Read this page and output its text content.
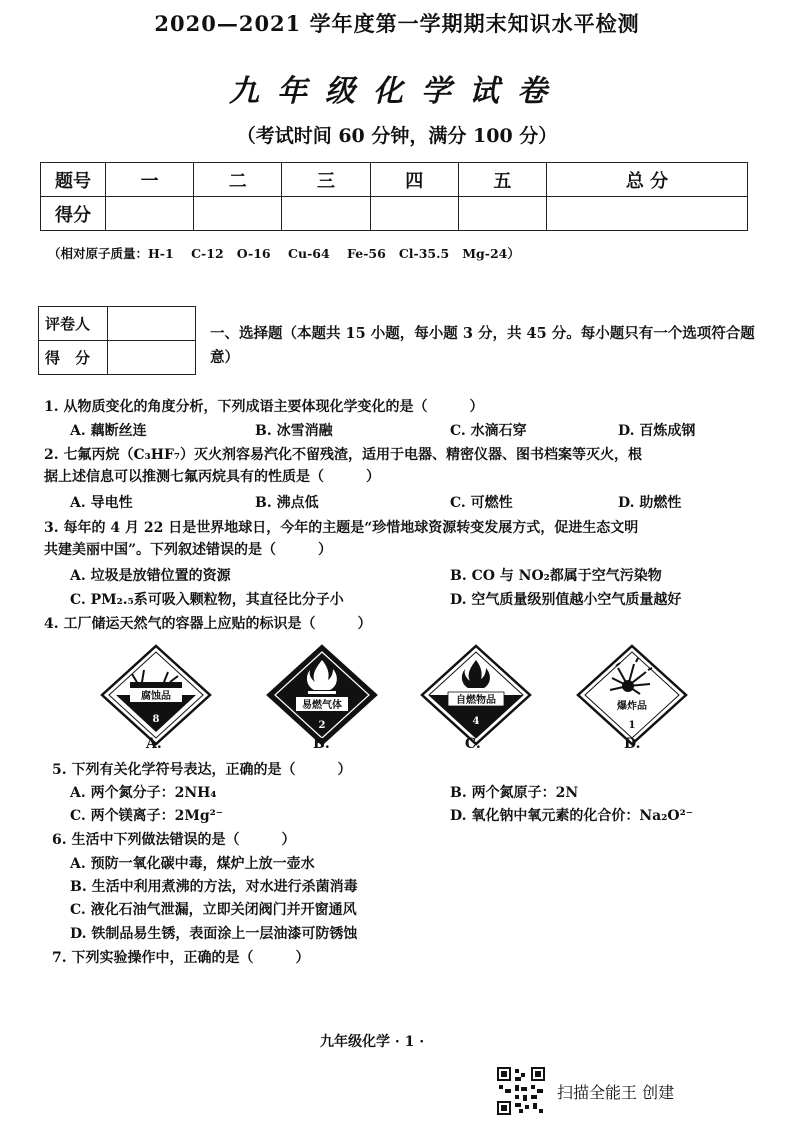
2020—2021 学年度第一学期期末知识水平检测
九年级化学试卷
（考试时间 60 分钟，满分 100 分）
题号	一	二	三	四	五	总 分
得分						
（相对原子质量：H-1    C-12   O-16    Cu-64    Fe-56   Cl-35.5   Mg-24）
评卷人	
得　分	
一、选择题（本题共 15 小题，每小题 3 分，共 45 分。每小题只有一个选项符合题意）
1. 从物质变化的角度分析，下列成语主要体现化学变化的是（　　　）
A. 藕断丝连	B. 冰雪消融	C. 水滴石穿	D. 百炼成钢
2. 七氟丙烷（C₃HF₇）灭火剂容易汽化不留残渣，适用于电器、精密仪器、图书档案等灭火，根
据上述信息可以推测七氟丙烷具有的性质是（　　　）
A. 导电性	B. 沸点低	C. 可燃性	D. 助燃性
3. 每年的 4 月 22 日是世界地球日，今年的主题是“珍惜地球资源转变发展方式，促进生态文明
共建美丽中国”。下列叙述错误的是（　　　）
A. 垃圾是放错位置的资源	B. CO 与 NO₂都属于空气污染物
C. PM₂.₅系可吸入颗粒物，其直径比分子小	D. 空气质量级别值越小空气质量越好
4. 工厂储运天然气的容器上应贴的标识是（　　　）
腐蚀品
8
A.
易燃气体
2
B.
自燃物品
4
C.
爆炸品
1
D.
5. 下列有关化学符号表达，正确的是（　　　）
A. 两个氮分子：2NH₄	B. 两个氮原子：2N
C. 两个镁离子：2Mg²⁻	D. 氧化钠中氧元素的化合价：Na₂O²⁻
6. 生活中下列做法错误的是（　　　）
A. 预防一氧化碳中毒，煤炉上放一壶水
B. 生活中利用煮沸的方法，对水进行杀菌消毒
C. 液化石油气泄漏，立即关闭阀门并开窗通风
D. 铁制品易生锈，表面涂上一层油漆可防锈蚀
7. 下列实验操作中，正确的是（　　　）
九年级化学 · 1 ·
扫描全能王 创建
